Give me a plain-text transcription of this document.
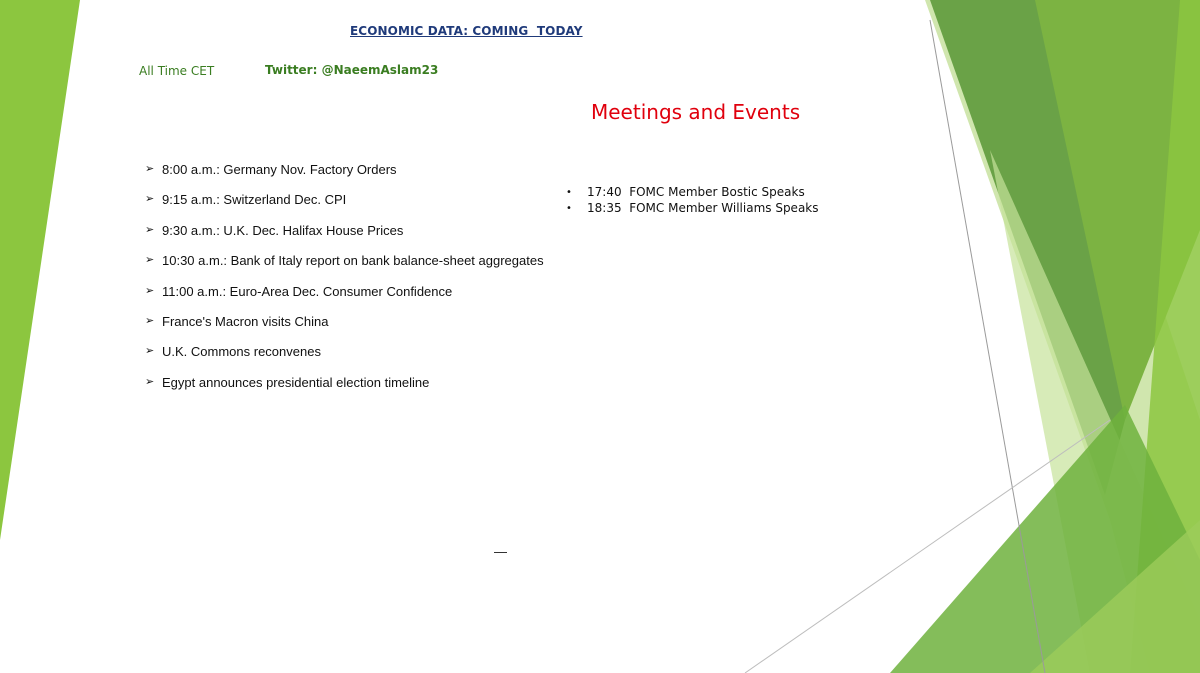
ECONOMIC DATA: COMING  TODAY
All Time CET	Twitter: @NaeemAslam23
Meetings and Events
➢ 8:00 a.m.: Germany Nov. Factory Orders
➢ 9:15 a.m.: Switzerland Dec. CPI
➢ 9:30 a.m.: U.K. Dec. Halifax House Prices
➢ 10:30 a.m.: Bank of Italy report on bank balance-sheet aggregates
➢ 11:00 a.m.: Euro-Area Dec. Consumer Confidence
➢ France's Macron visits China
➢ U.K. Commons reconvenes
➢ Egypt announces presidential election timeline
•	17:40  FOMC Member Bostic Speaks
•	18:35  FOMC Member Williams Speaks
